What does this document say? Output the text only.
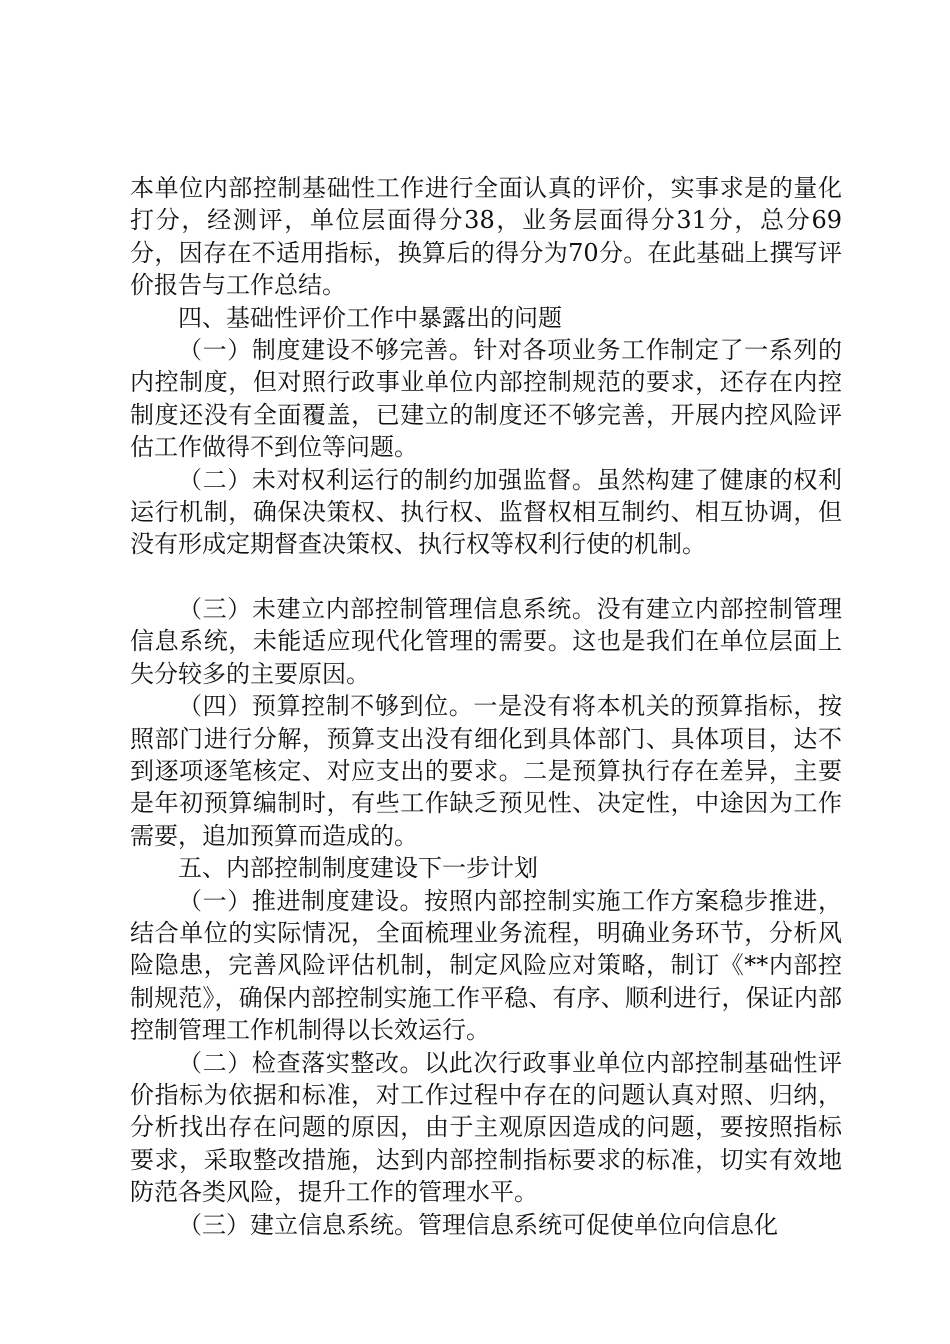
本单位内部控制基础性工作进行全面认真的评价，实事求是的量化打分，经测评，单位层面得分38，业务层面得分31分，总分69分，因存在不适用指标，换算后的得分为70分。在此基础上撰写评价报告与工作总结。

四、基础性评价工作中暴露出的问题

（一）制度建设不够完善。针对各项业务工作制定了一系列的内控制度，但对照行政事业单位内部控制规范的要求，还存在内控制度还没有全面覆盖，已建立的制度还不够完善，开展内控风险评估工作做得不到位等问题。

（二）未对权利运行的制约加强监督。虽然构建了健康的权利运行机制，确保决策权、执行权、监督权相互制约、相互协调，但没有形成定期督查决策权、执行权等权利行使的机制。

（三）未建立内部控制管理信息系统。没有建立内部控制管理信息系统，未能适应现代化管理的需要。这也是我们在单位层面上失分较多的主要原因。

（四）预算控制不够到位。一是没有将本机关的预算指标，按照部门进行分解，预算支出没有细化到具体部门、具体项目，达不到逐项逐笔核定、对应支出的要求。二是预算执行存在差异，主要是年初预算编制时，有些工作缺乏预见性、决定性，中途因为工作需要，追加预算而造成的。

五、内部控制制度建设下一步计划

（一）推进制度建设。按照内部控制实施工作方案稳步推进，结合单位的实际情况，全面梳理业务流程，明确业务环节，分析风险隐患，完善风险评估机制，制定风险应对策略，制订《**内部控制规范》，确保内部控制实施工作平稳、有序、顺利进行，保证内部控制管理工作机制得以长效运行。

（二）检查落实整改。以此次行政事业单位内部控制基础性评价指标为依据和标准，对工作过程中存在的问题认真对照、归纳，分析找出存在问题的原因，由于主观原因造成的问题，要按照指标要求，采取整改措施，达到内部控制指标要求的标准，切实有效地防范各类风险，提升工作的管理水平。

（三）建立信息系统。管理信息系统可促使单位向信息化
